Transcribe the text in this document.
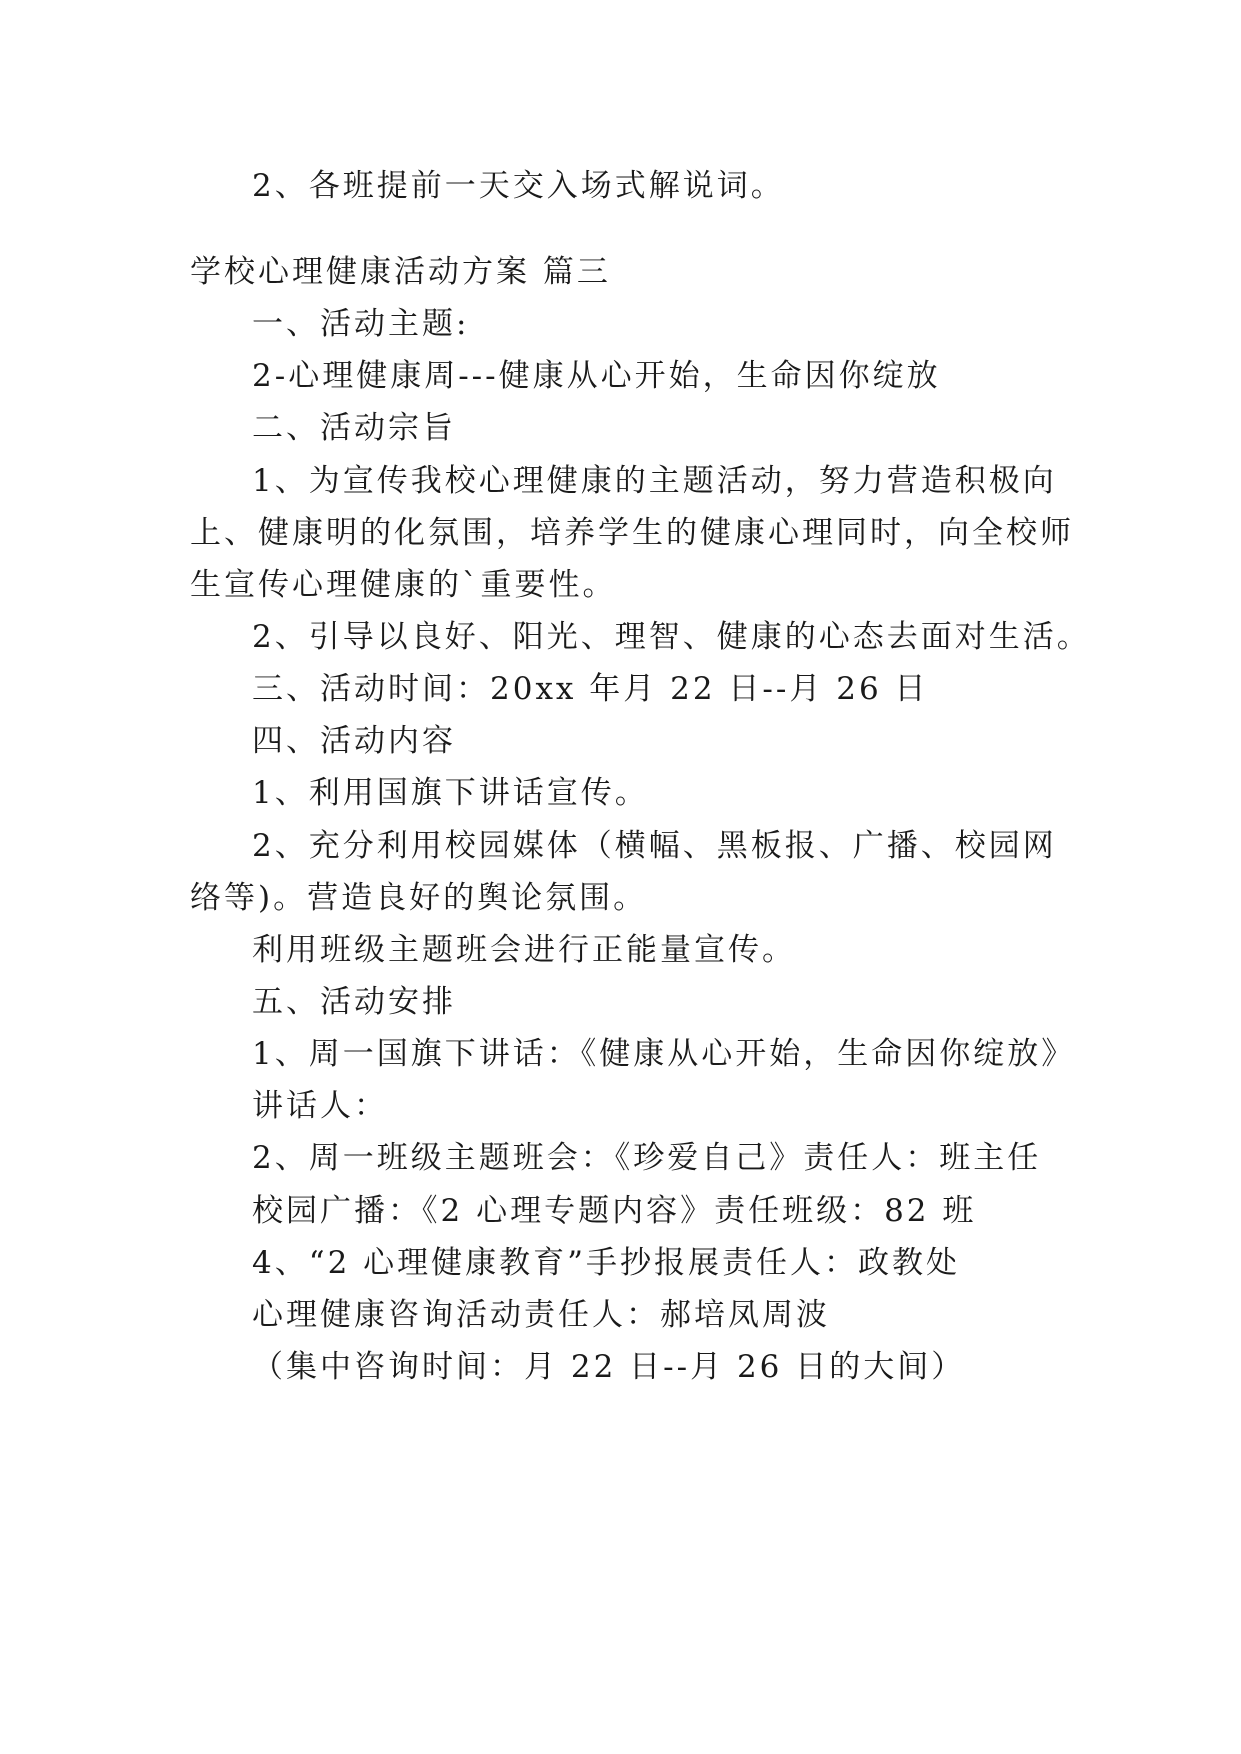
2、各班提前一天交入场式解说词。
学校心理健康活动方案 篇三
一、活动主题:
2-心理健康周---健康从心开始，生命因你绽放
二、活动宗旨
1、为宣传我校心理健康的主题活动，努力营造积极向
上、健康明的化氛围，培养学生的健康心理同时，向全校师
生宣传心理健康的`重要性。
2、引导以良好、阳光、理智、健康的心态去面对生活。
三、活动时间：20xx 年月 22 日--月 26 日
四、活动内容
1、利用国旗下讲话宣传。
2、充分利用校园媒体（横幅、黑板报、广播、校园网
络等)。营造良好的舆论氛围。
利用班级主题班会进行正能量宣传。
五、活动安排
1、周一国旗下讲话：《健康从心开始，生命因你绽放》
讲话人：
2、周一班级主题班会：《珍爱自己》责任人：班主任
校园广播：《2 心理专题内容》责任班级：82 班
4、“2 心理健康教育”手抄报展责任人：政教处
心理健康咨询活动责任人：郝培凤周波
（集中咨询时间：月 22 日--月 26 日的大间）
